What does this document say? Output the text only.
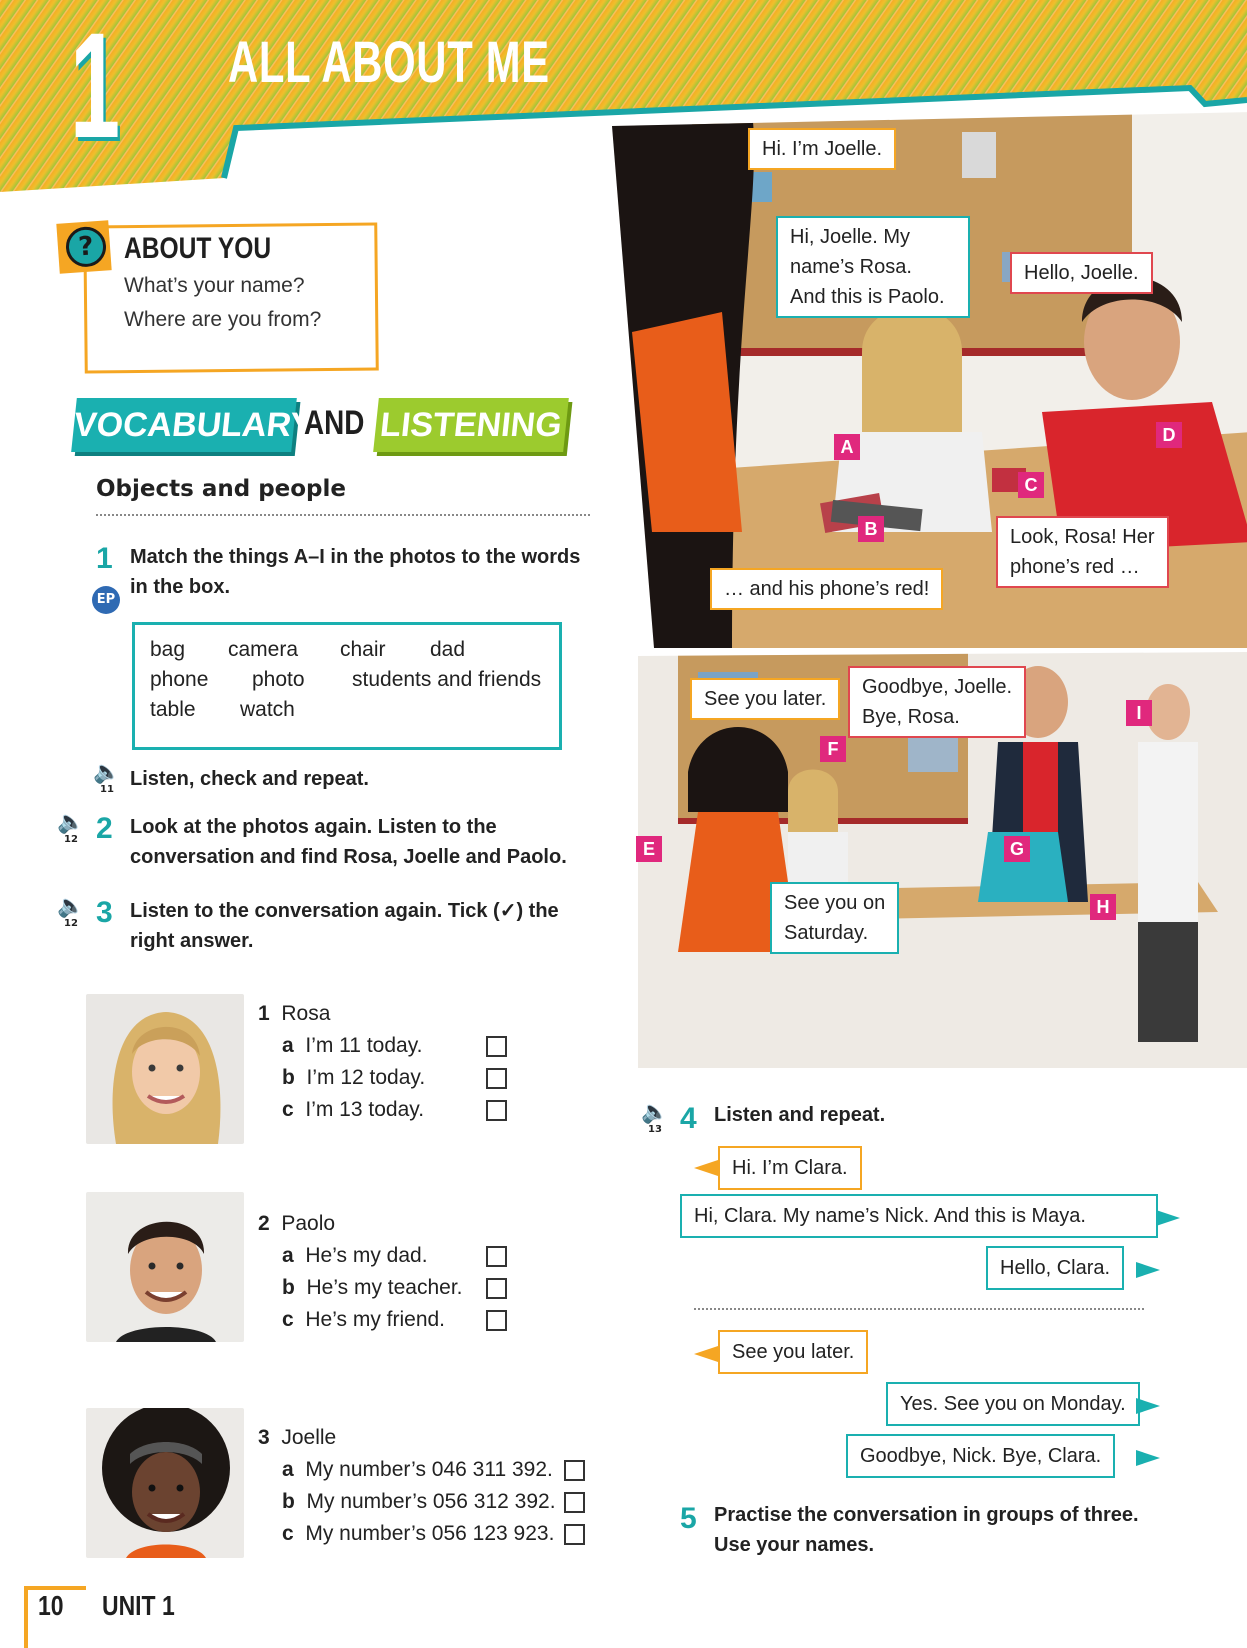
1 ALL ABOUT ME
? ABOUT YOU
What’s your name?
Where are you from?
VOCABULARY
AND LISTENING
Objects and people
1 Match the things A–I in the photos to the words
in the box.
EP
bag camera chair dad
phone photo students and friends
table watch
🔈
11 Listen, check and repeat.
🔈
12 2 Look at the photos again. Listen to the
conversation and find Rosa, Joelle and Paolo.
🔈
12 3 Listen to the conversation again. Tick (✓) the
right answer.
1 Rosa
a I’m 11 today.
b I’m 12 today.
c I’m 13 today.
2 Paolo
a He’s my dad.
b He’s my teacher.
c He’s my friend.
3 Joelle
a My number’s 046 311 392.
b My number’s 056 312 392.
c My number’s 056 123 923.
Hi. I’m Joelle.
Hi, Joelle. My
name’s Rosa.
And this is Paolo.
Hello, Joelle.
Look, Rosa! Her
phone’s red …
… and his phone’s red!
A
B
C
D
See you later.
Goodbye, Joelle.
Bye, Rosa.
See you on
Saturday.
E
F
G
H
I
🔈
13 4 Listen and repeat.
Hi. I’m Clara.
Hi, Clara. My name’s Nick. And this is Maya.
Hello, Clara.
See you later.
Yes. See you on Monday.
Goodbye, Nick. Bye, Clara.
5 Practise the conversation in groups of three.
Use your names.
10 UNIT 1
